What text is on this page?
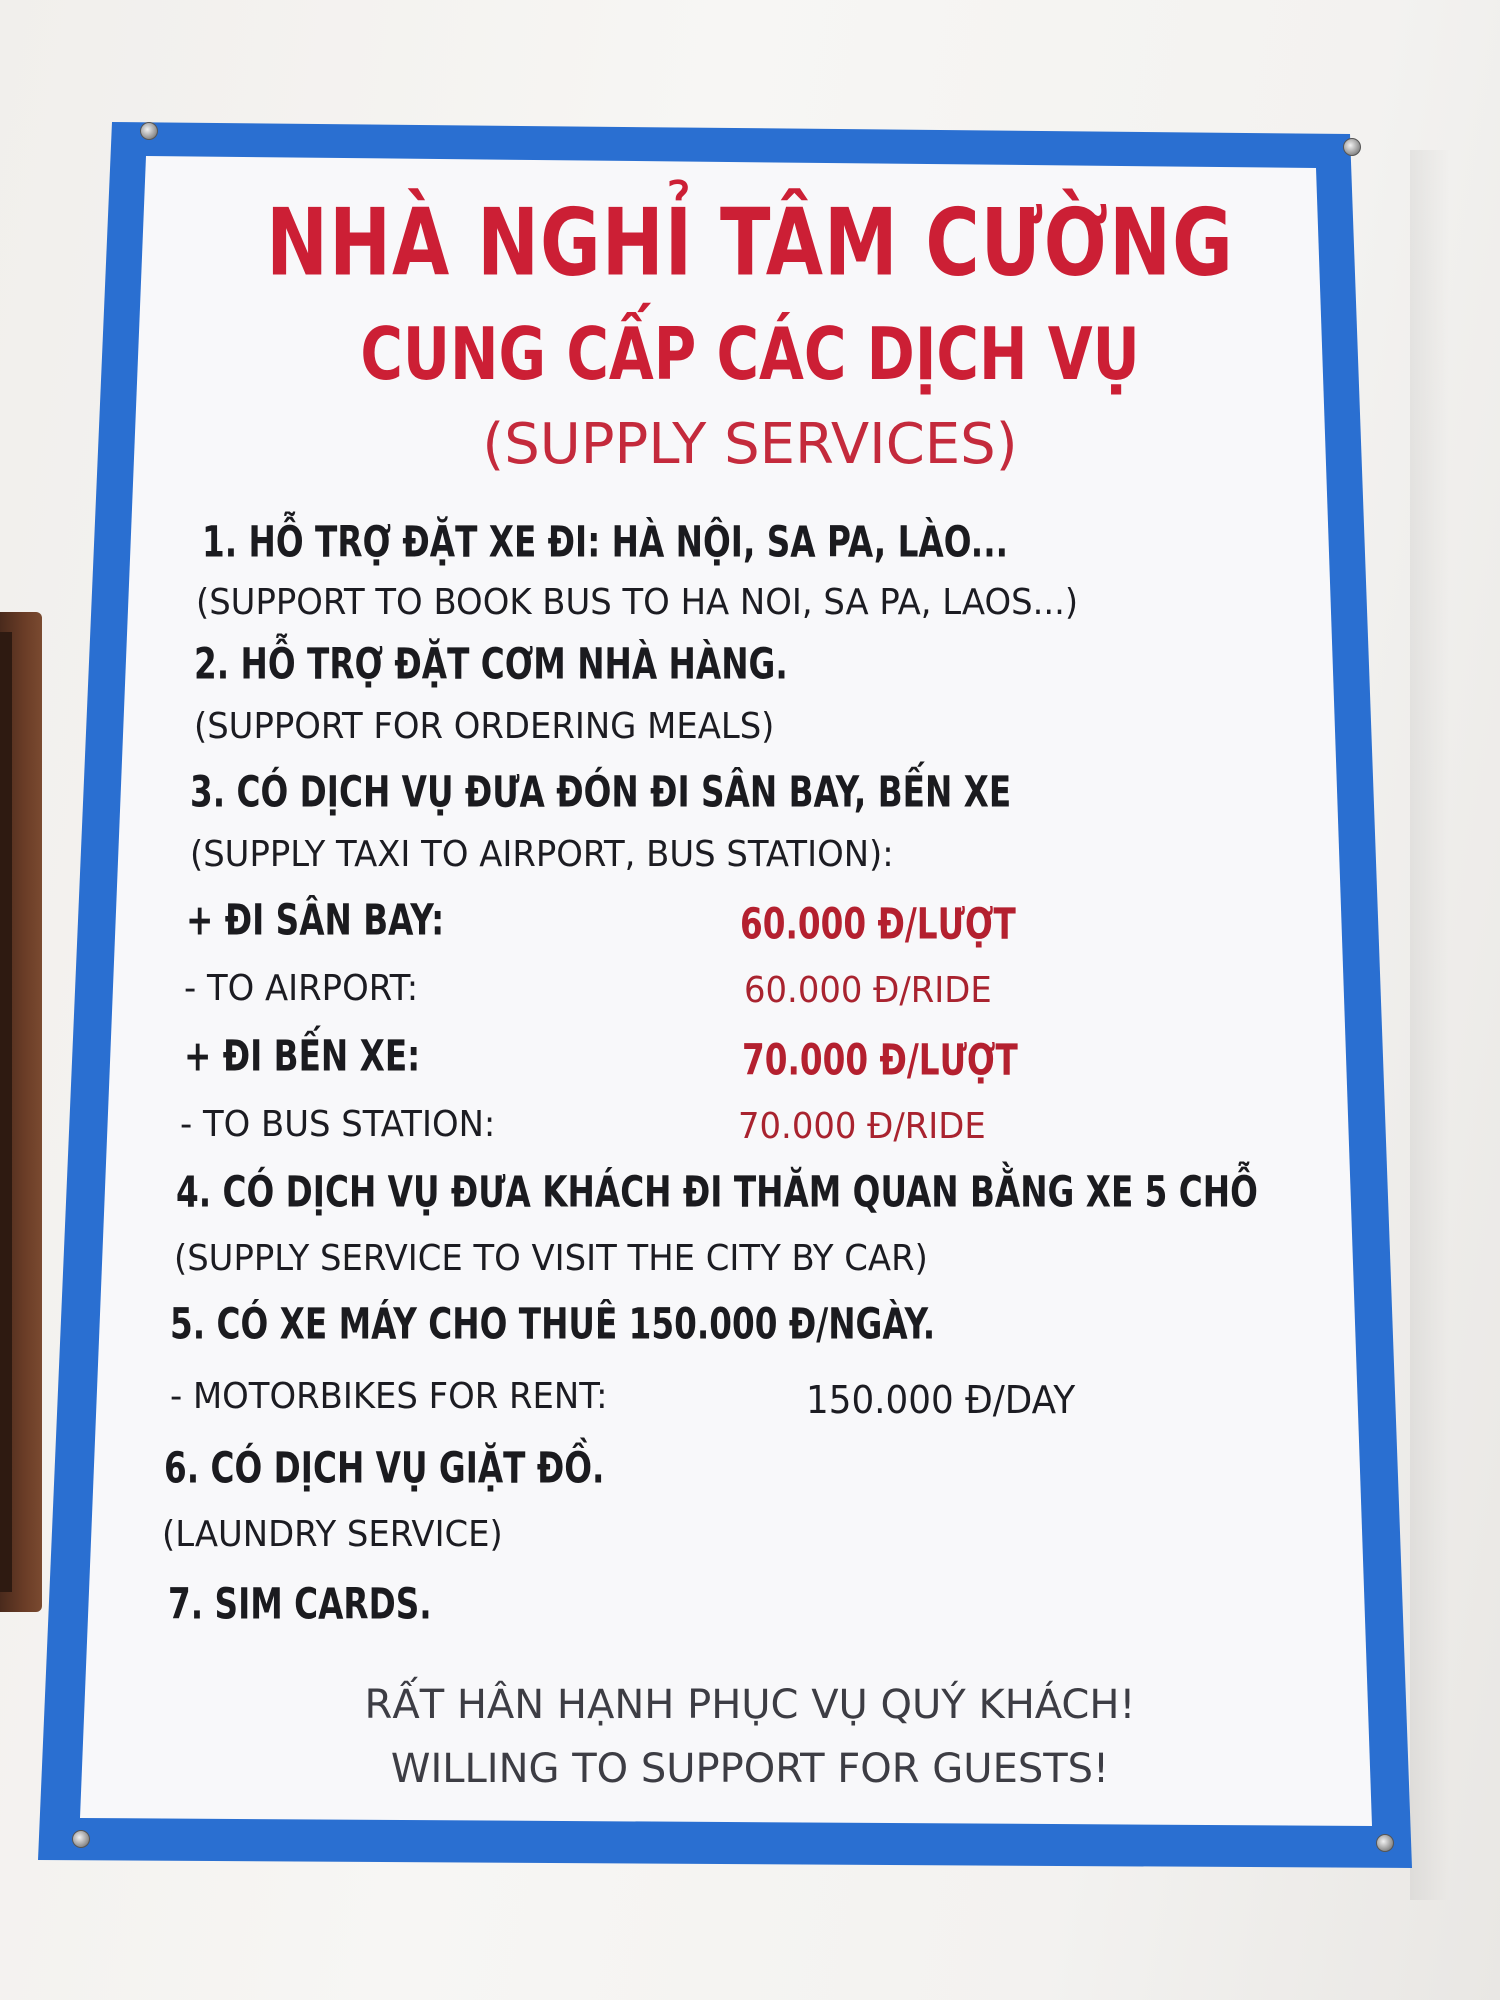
NHÀ NGHỈ TÂM CƯỜNG

CUNG CẤP CÁC DỊCH VỤ

(SUPPLY SERVICES)

1. HỖ TRỢ ĐẶT XE ĐI: HÀ NỘI, SA PA, LÀO...

(SUPPORT TO BOOK BUS TO HA NOI, SA PA, LAOS...)

2. HỖ TRỢ ĐẶT CƠM NHÀ HÀNG.

(SUPPORT FOR ORDERING MEALS)

3. CÓ DỊCH VỤ ĐƯA ĐÓN ĐI SÂN BAY, BẾN XE

(SUPPLY TAXI TO AIRPORT, BUS STATION):

+ ĐI SÂN BAY:	60.000 Đ/LƯỢT

- TO AIRPORT:	60.000 Đ/RIDE

+ ĐI BẾN XE:	70.000 Đ/LƯỢT

- TO BUS STATION:	70.000 Đ/RIDE

4. CÓ DỊCH VỤ ĐƯA KHÁCH ĐI THĂM QUAN BẰNG XE 5 CHỖ

(SUPPLY SERVICE TO VISIT THE CITY BY CAR)

5. CÓ XE MÁY CHO THUÊ 150.000 Đ/NGÀY.

- MOTORBIKES FOR RENT:	150.000 Đ/DAY

6. CÓ DỊCH VỤ GIẶT ĐỒ.

(LAUNDRY SERVICE)

7. SIM CARDS.

RẤT HÂN HẠNH PHỤC VỤ QUÝ KHÁCH!

WILLING TO SUPPORT FOR GUESTS!
